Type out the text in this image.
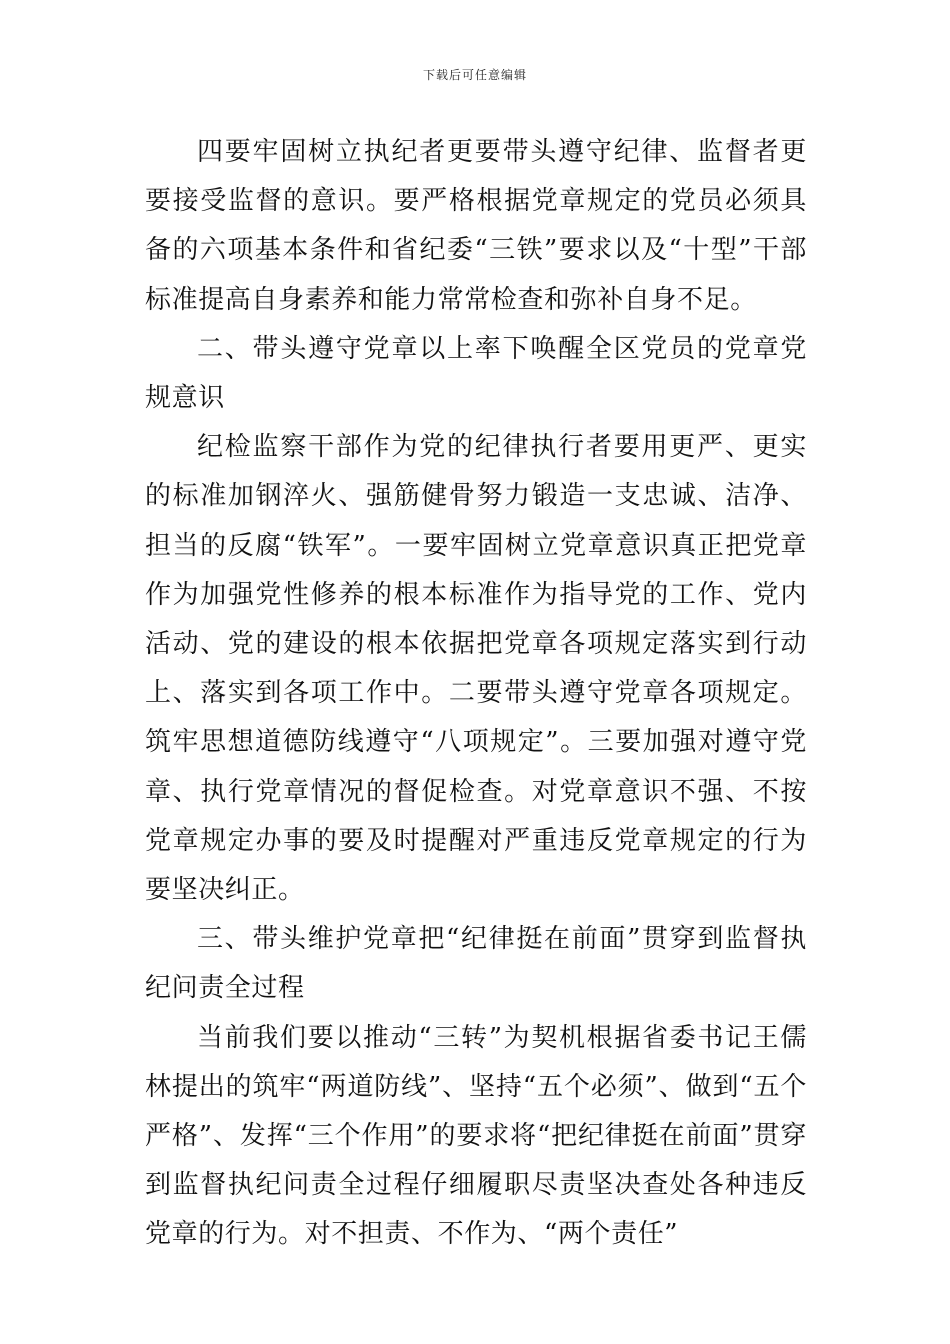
下载后可任意编辑

四要牢固树立执纪者更要带头遵守纪律、监督者更要接受监督的意识。要严格根据党章规定的党员必须具备的六项基本条件和省纪委“三铁”要求以及“十型”干部标准提高自身素养和能力常常检查和弥补自身不足。

二、带头遵守党章以上率下唤醒全区党员的党章党规意识

纪检监察干部作为党的纪律执行者要用更严、更实的标准加钢淬火、强筋健骨努力锻造一支忠诚、洁净、担当的反腐“铁军”。一要牢固树立党章意识真正把党章作为加强党性修养的根本标准作为指导党的工作、党内活动、党的建设的根本依据把党章各项规定落实到行动上、落实到各项工作中。二要带头遵守党章各项规定。筑牢思想道德防线遵守“八项规定”。三要加强对遵守党章、执行党章情况的督促检查。对党章意识不强、不按党章规定办事的要及时提醒对严重违反党章规定的行为要坚决纠正。

三、带头维护党章把“纪律挺在前面”贯穿到监督执纪问责全过程

当前我们要以推动“三转”为契机根据省委书记王儒林提出的筑牢“两道防线”、坚持“五个必须”、做到“五个严格”、发挥“三个作用”的要求将“把纪律挺在前面”贯穿到监督执纪问责全过程仔细履职尽责坚决查处各种违反党章的行为。对不担责、不作为、“两个责任”
